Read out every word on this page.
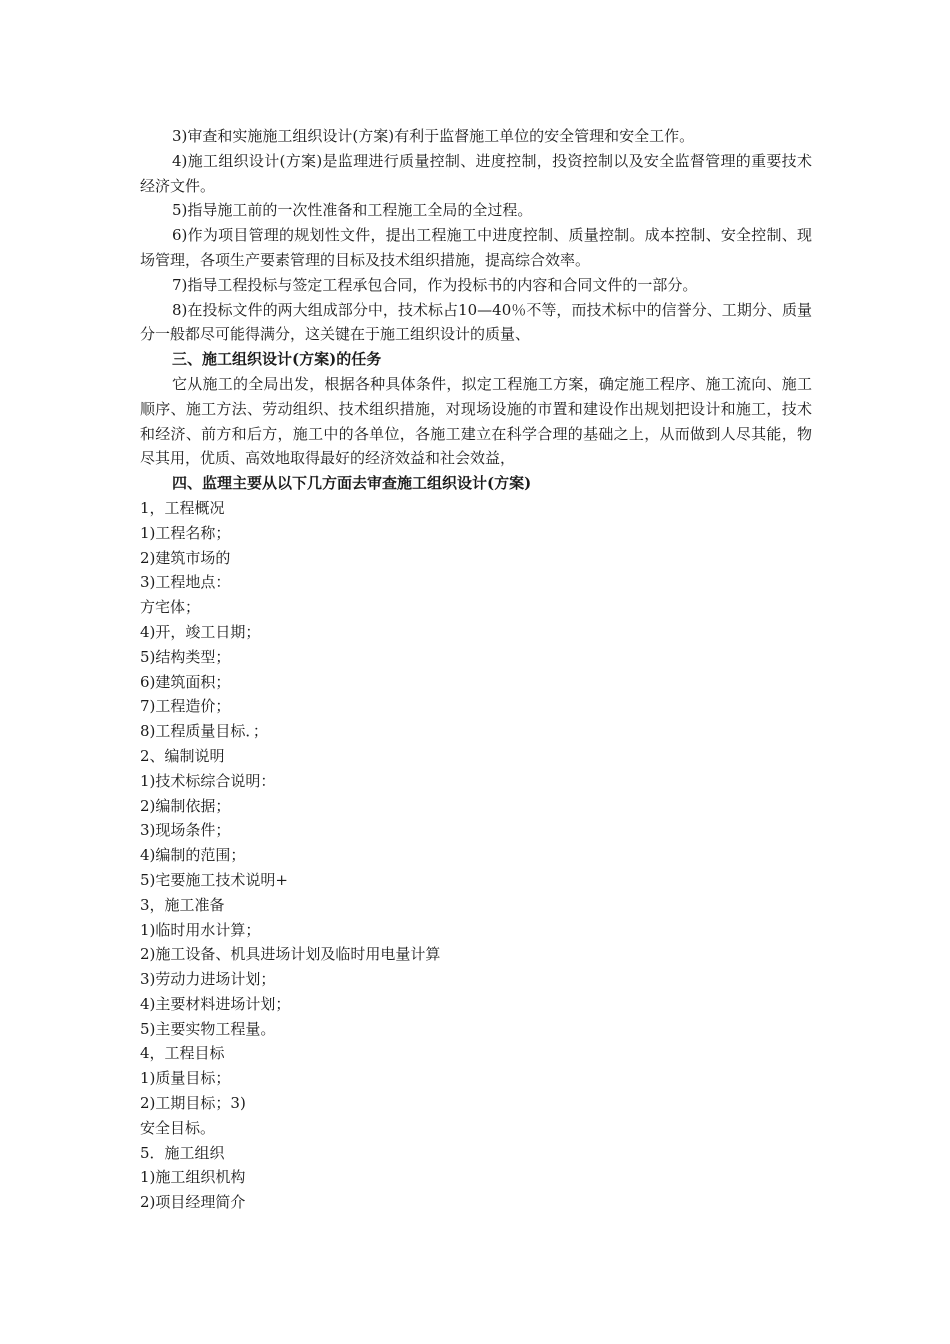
3)审查和实施施工组织设计(方案)有利于监督施工单位的安全管理和安全工作。

4)施工组织设计(方案)是监理进行质量控制、进度控制，投资控制以及安全监督管理的重要技术经济文件。

5)指导施工前的一次性准备和工程施工全局的全过程。

6)作为项目管理的规划性文件，提出工程施工中进度控制、质量控制。成本控制、安全控制、现场管理，各项生产要素管理的目标及技术组织措施，提高综合效率。

7)指导工程投标与签定工程承包合同，作为投标书的内容和合同文件的一部分。

8)在投标文件的两大组成部分中，技术标占10—40％不等，而技术标中的信誉分、工期分、质量分一般都尽可能得满分，这关键在于施工组织设计的质量、

三、施工组织设计(方案)的任务

它从施工的全局出发，根据各种具体条件，拟定工程施工方案，确定施工程序、施工流向、施工顺序、施工方法、劳动组织、技术组织措施，对现场设施的市置和建设作出规划把设计和施工，技术和经济、前方和后方，施工中的各单位，各施工建立在科学合理的基础之上，从而做到人尽其能，物尽其用，优质、高效地取得最好的经济效益和社会效益，

四、监理主要从以下几方面去审查施工组织设计(方案)

1，工程概况

1)工程名称；

2)建筑市场的

3)工程地点：

方宅体；

4)开，竣工日期；

5)结构类型；

6)建筑面积；

7)工程造价；

8)工程质量目标．；

2、编制说明

1)技术标综合说明：

2)编制依据；

3)现场条件；

4)编制的范围；

5)宅要施工技术说明+

3，施工准备

1)临时用水计算；

2)施工设备、机具进场计划及临时用电量计算

3)劳动力进场计划；

4)主要材料进场计划；

5)主要实物工程量。

4，工程目标

1)质量目标；

2)工期目标；3)

安全目标。

5．施工组织

1)施工组织机构

2)项目经理简介
